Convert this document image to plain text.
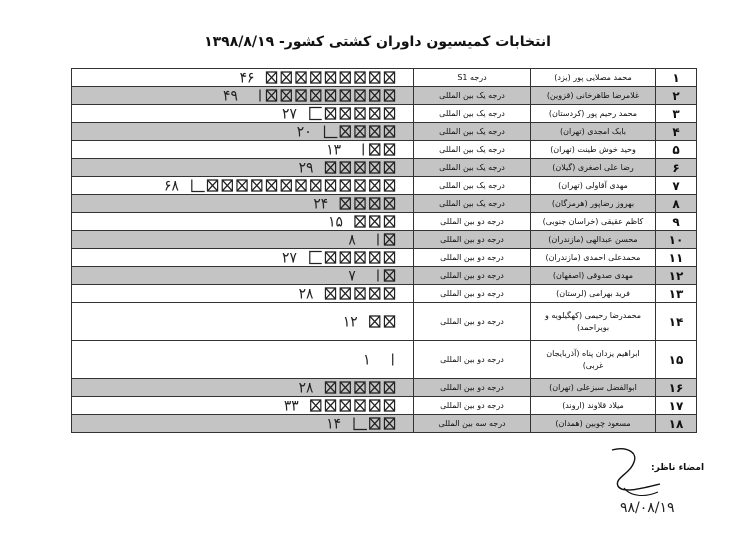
انتخابات کمیسیون داوران کشتی کشور- ۱۳۹۸/۸/۱۹
۱	محمد مصلایی پور (یزد)	درجه S1	۴۶

۲	غلامرضا طاهرخانی (قزوین)	درجه یک بین المللی	۴۹

۳	محمد رحیم پور (کردستان)	درجه یک بین المللی	۲۷

۴	بابک امجدی (تهران)	درجه یک بین المللی	۲۰

۵	وحید خوش طینت (تهران)	درجه یک بین المللی	۱۳

۶	رضا علی اصغری (گیلان)	درجه یک بین المللی	۲۹

۷	مهدی آقاولی (تهران)	درجه یک بین المللی	۶۸

۸	بهروز رضاپور (هرمزگان)	درجه یک بین المللی	۲۴

۹	کاظم عقیقی (خراسان جنوبی)	درجه دو بین المللی	۱۵

۱۰	محسن عبدالهی (مازندران)	درجه دو بین المللی	۸

۱۱	محمدعلی احمدی (مازندران)	درجه دو بین المللی	۲۷

۱۲	مهدی صدوقی (اصفهان)	درجه دو بین المللی	۷

۱۳	فرید بهرامی (لرستان)	درجه دو بین المللی	۲۸

۱۴	محمدرضا رحیمی (کهگیلویه و بویراحمد)	درجه دو بین المللی	۱۲

۱۵	ابراهیم یزدان پناه (آذربایجان غربی)	درجه دو بین المللی	۱

۱۶	ابوالفضل سبزعلی (تهران)	درجه دو بین المللی	۲۸

۱۷	میلاد قلاوند (اروند)	درجه دو بین المللی	۳۳

۱۸	مسعود چوبین (همدان)	درجه سه بین المللی	۱۴
امضاء ناظر:
۹۸/۰۸/۱۹
